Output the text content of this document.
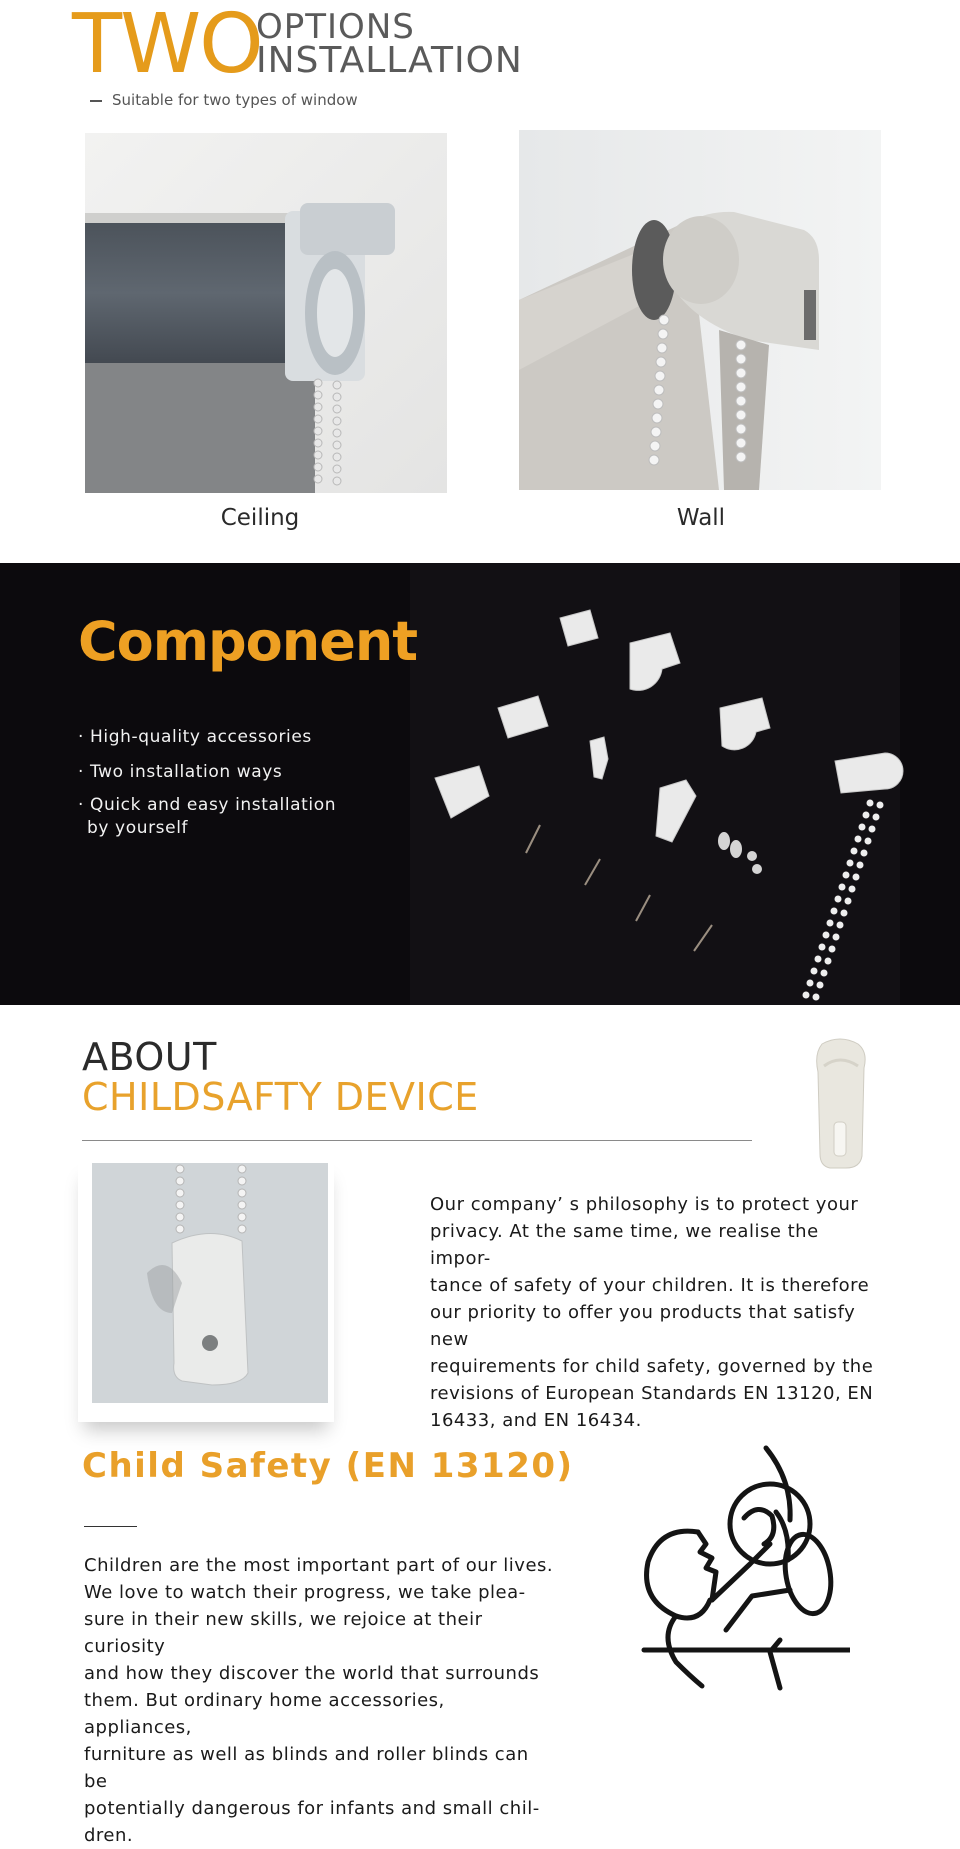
TWO
OPTIONS
INSTALLATION
Suitable for two types of window
Ceiling	Wall
Component
· High-quality accessories
· Two installation ways
· Quick and easy installation
by yourself
ABOUT
CHILDSAFTY DEVICE
Our company’ s philosophy is to protect your
privacy. At the same time, we realise the impor-
tance of safety of your children. It is therefore
our priority to offer you products that satisfy new
requirements for child safety, governed by the
revisions of European Standards EN 13120, EN
16433, and EN 16434.
Child Safety (EN 13120)
Children are the most important part of our lives.
We love to watch their progress, we take plea-
sure in their new skills, we rejoice at their curiosity
and how they discover the world that surrounds
them. But ordinary home accessories, appliances,
furniture as well as blinds and roller blinds can be
potentially dangerous for infants and small chil-
dren.
